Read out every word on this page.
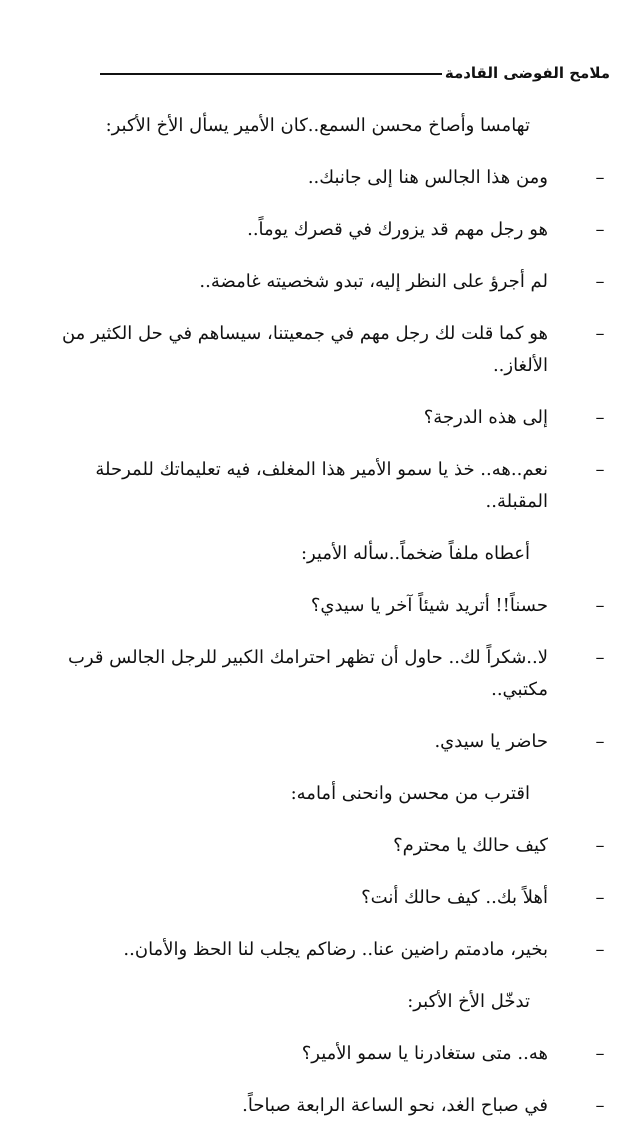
ملامح الفوضى القادمة

تهامسا وأصاخ محسن السمع..كان الأمير يسأل الأخ الأكبر:

–
ومن هذا الجالس هنا إلى جانبك..

–
هو رجل مهم قد يزورك في قصرك يوماً..

–
لم أجرؤ على النظر إليه، تبدو شخصيته غامضة..

–
هو كما قلت لك رجل مهم في جمعيتنا، سيساهم في حل الكثير من الألغاز..

–
إلى هذه الدرجة؟

–
نعم..هه.. خذ يا سمو الأمير هذا المغلف، فيه تعليماتك للمرحلة المقبلة..

أعطاه ملفاً ضخماً..سأله الأمير:

–
حسناً!! أتريد شيئاً آخر يا سيدي؟

–
لا..شكراً لك.. حاول أن تظهر احترامك الكبير للرجل الجالس قرب مكتبي..

–
حاضر يا سيدي.

اقترب من محسن وانحنى أمامه:

–
كيف حالك يا محترم؟

–
أهلاً بك.. كيف حالك أنت؟

–
بخير، مادمتم راضين عنا.. رضاكم يجلب لنا الحظ والأمان..

تدخّل الأخ الأكبر:

–
هه.. متى ستغادرنا يا سمو الأمير؟

–
في صباح الغد، نحو الساعة الرابعة صباحاً.
